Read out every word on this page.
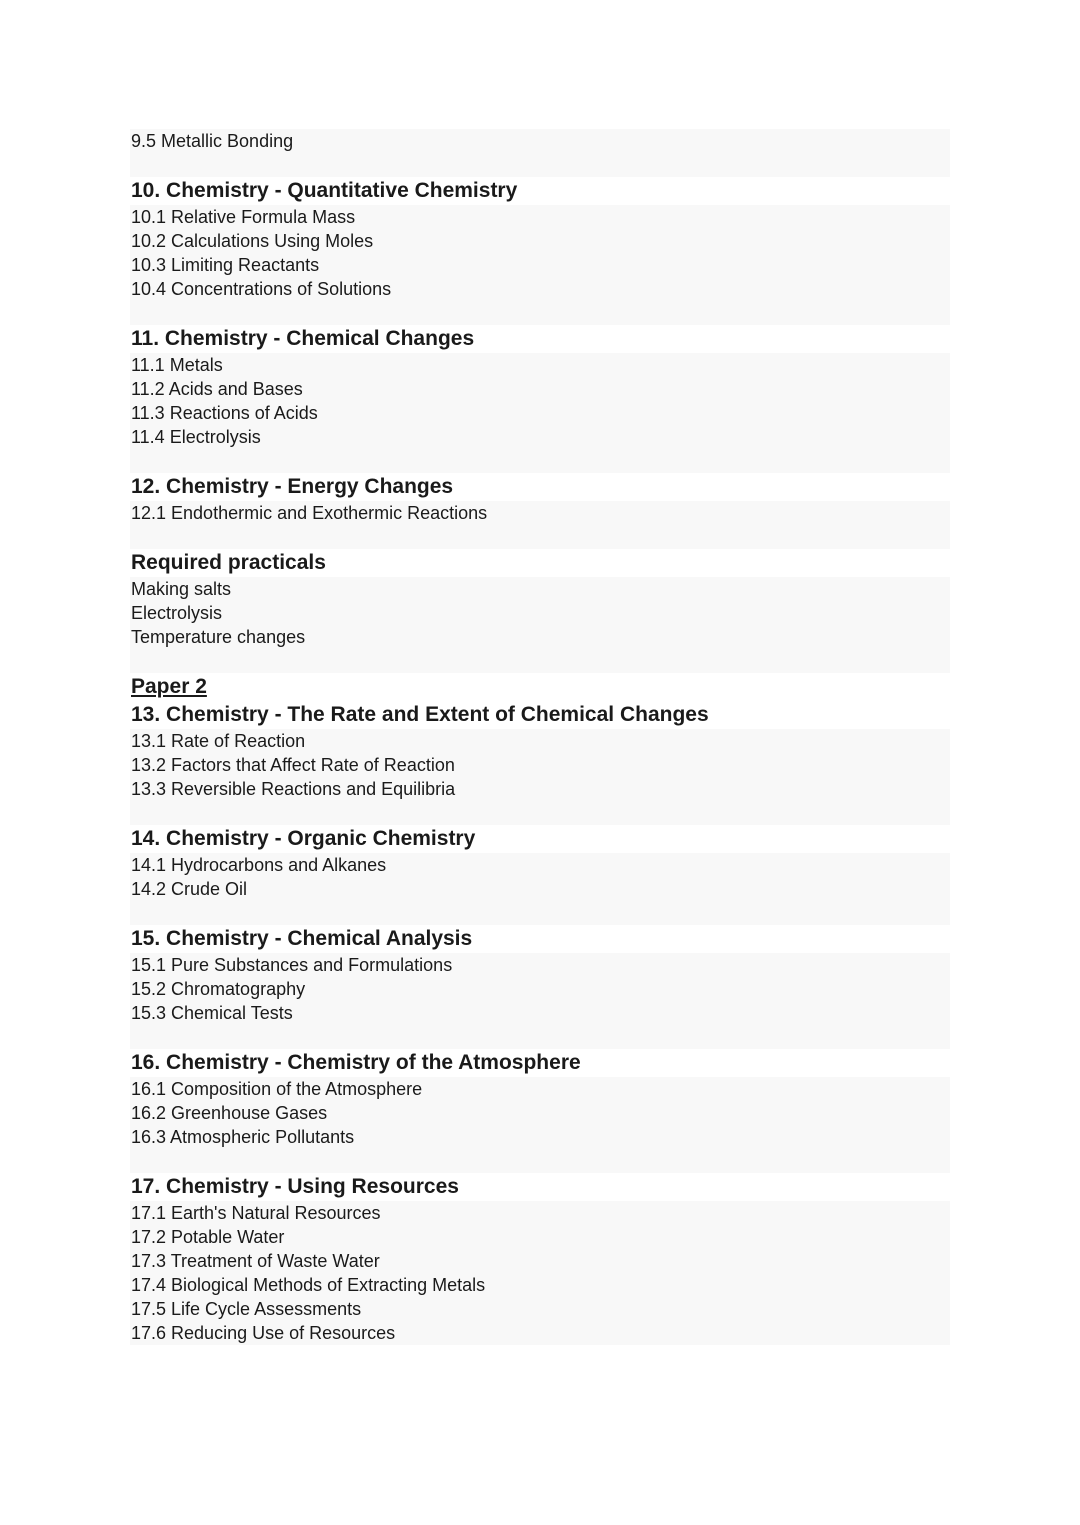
9.5 Metallic Bonding
10. Chemistry - Quantitative Chemistry
10.1 Relative Formula Mass
10.2 Calculations Using Moles
10.3 Limiting Reactants
10.4 Concentrations of Solutions
11. Chemistry - Chemical Changes
11.1 Metals
11.2 Acids and Bases
11.3 Reactions of Acids
11.4 Electrolysis
12. Chemistry - Energy Changes
12.1 Endothermic and Exothermic Reactions
Required practicals
Making salts
Electrolysis
Temperature changes
Paper 2
13. Chemistry - The Rate and Extent of Chemical Changes
13.1 Rate of Reaction
13.2 Factors that Affect Rate of Reaction
13.3 Reversible Reactions and Equilibria
14. Chemistry - Organic Chemistry
14.1 Hydrocarbons and Alkanes
14.2 Crude Oil
15. Chemistry - Chemical Analysis
15.1 Pure Substances and Formulations
15.2 Chromatography
15.3 Chemical Tests
16. Chemistry - Chemistry of the Atmosphere
16.1 Composition of the Atmosphere
16.2 Greenhouse Gases
16.3 Atmospheric Pollutants
17. Chemistry - Using Resources
17.1 Earth's Natural Resources
17.2 Potable Water
17.3 Treatment of Waste Water
17.4 Biological Methods of Extracting Metals
17.5 Life Cycle Assessments
17.6 Reducing Use of Resources
